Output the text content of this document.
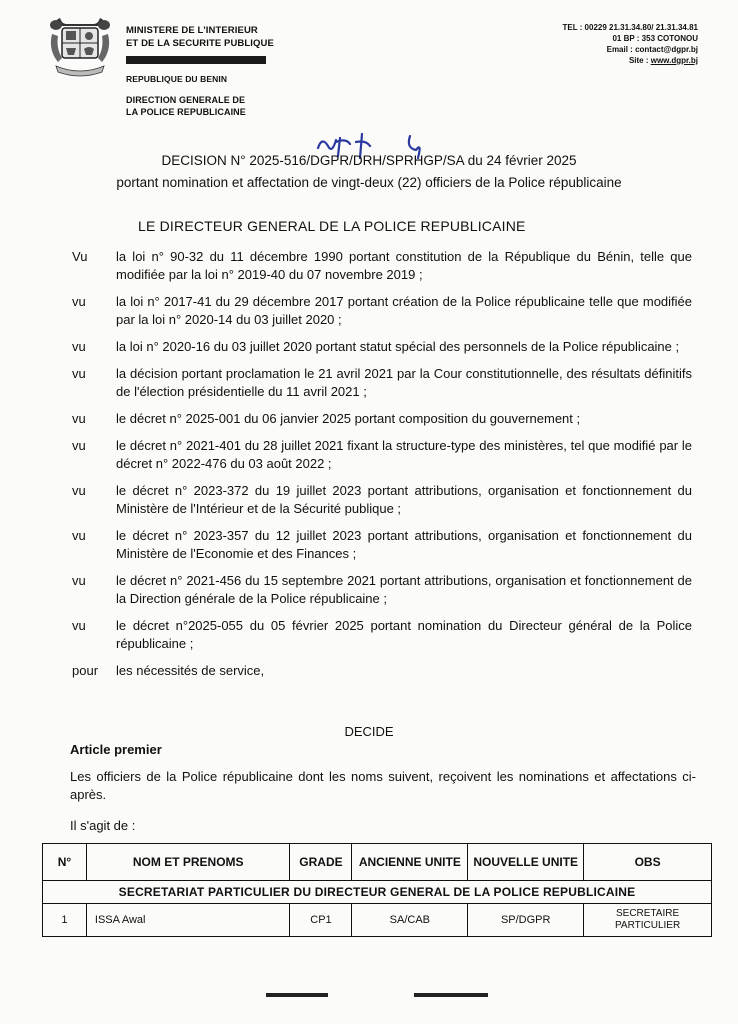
MINISTERE DE L'INTERIEUR
ET DE LA SECURITE PUBLIQUE
REPUBLIQUE DU BENIN
DIRECTION GENERALE DE
LA POLICE REPUBLICAINE
TEL : 00229 21.31.34.80/ 21.31.34.81
01 BP : 353 COTONOU
Email : contact@dgpr.bj
Site : www.dgpr.bj
DECISION N° 2025-516/DGPR/DRH/SPRHGP/SA du 24 février 2025
portant nomination et affectation de vingt-deux (22) officiers de la Police républicaine
LE DIRECTEUR GENERAL DE LA POLICE REPUBLICAINE
Vu	la loi n° 90-32 du 11 décembre 1990 portant constitution de la République du Bénin, telle que modifiée par la loi n° 2019-40 du 07 novembre 2019 ;
vu	la loi n° 2017-41 du 29 décembre 2017 portant création de la Police républicaine telle que modifiée par la loi n° 2020-14 du 03 juillet 2020 ;
vu	la loi n° 2020-16 du 03 juillet 2020 portant statut spécial des personnels de la Police républicaine ;
vu	la décision portant proclamation le 21 avril 2021 par la Cour constitutionnelle, des résultats définitifs de l'élection présidentielle du 11 avril 2021 ;
vu	le décret n° 2025-001 du 06 janvier 2025 portant composition du gouvernement ;
vu	le décret n° 2021-401 du 28 juillet 2021 fixant la structure-type des ministères, tel que modifié par le décret n° 2022-476 du 03 août 2022 ;
vu	le décret n° 2023-372 du 19 juillet 2023 portant attributions, organisation et fonctionnement du Ministère de l'Intérieur et de la Sécurité publique ;
vu	le décret n° 2023-357 du 12 juillet 2023 portant attributions, organisation et fonctionnement du Ministère de l'Economie et des Finances ;
vu	le décret n° 2021-456 du 15 septembre 2021 portant attributions, organisation et fonctionnement de la Direction générale de la Police républicaine ;
vu	le décret n°2025-055 du 05 février 2025 portant nomination du Directeur général de la Police républicaine ;
pour	les nécessités de service,
DECIDE
Article premier
Les officiers de la Police républicaine dont les noms suivent, reçoivent les nominations et affectations ci-après.
Il s'agit de :
N°	NOM ET PRENOMS	GRADE	ANCIENNE UNITE	NOUVELLE UNITE	OBS
SECRETARIAT PARTICULIER DU DIRECTEUR GENERAL DE LA POLICE REPUBLICAINE					
1	ISSA Awal	CP1	SA/CAB	SP/DGPR	SECRETAIRE PARTICULIER
